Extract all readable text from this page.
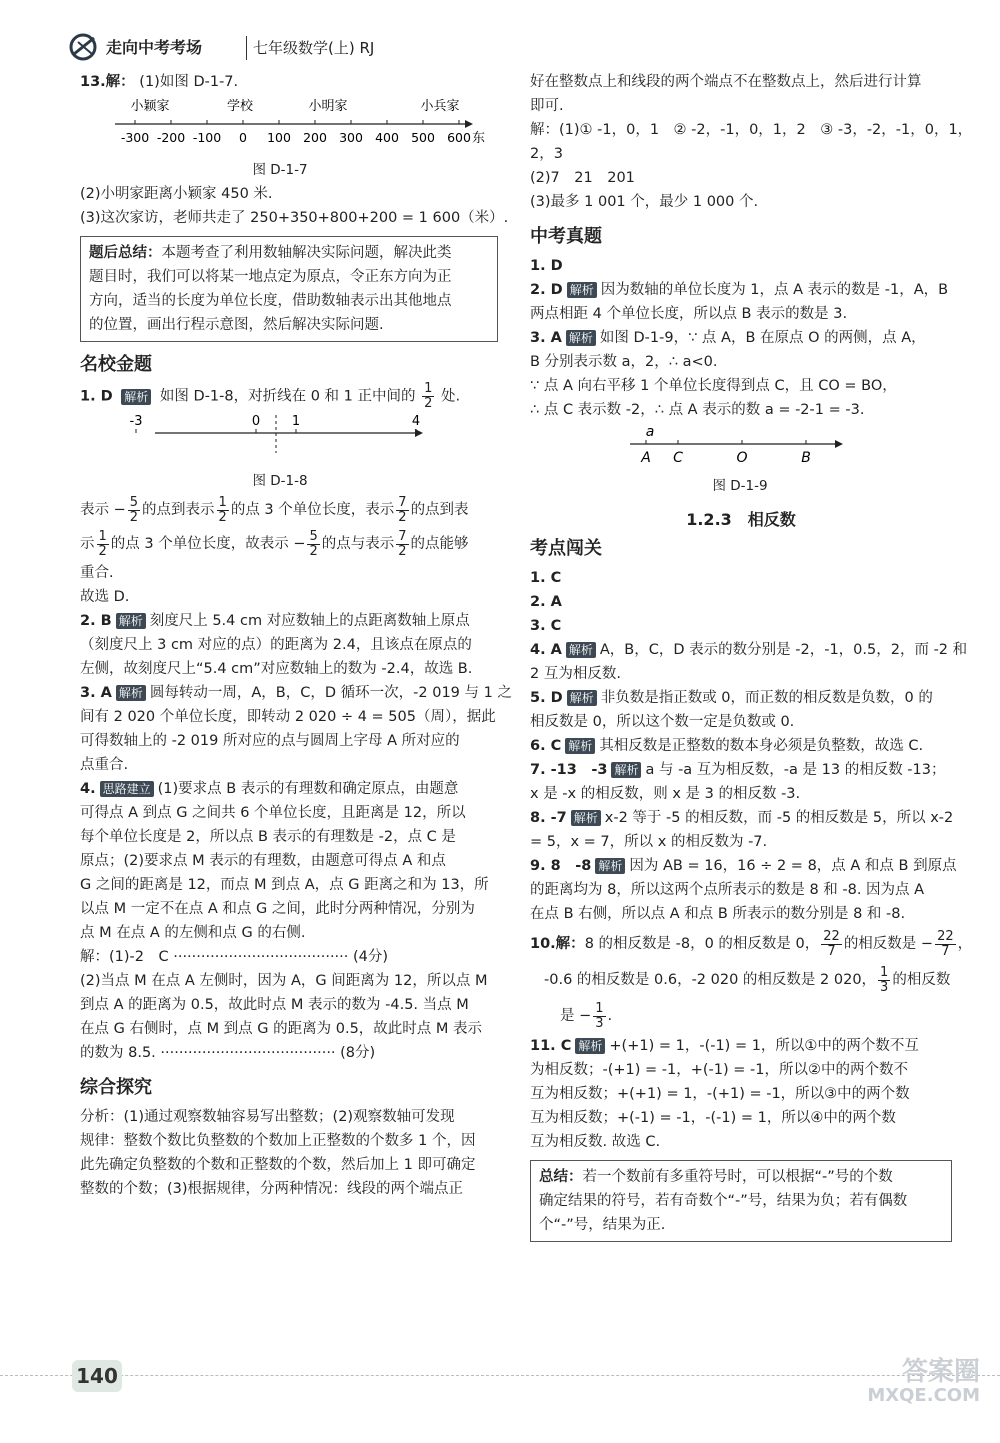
走向中考考场	七年级数学(上) RJ
13.解： (1)如图 D-1-7.
小颖家	学校	小明家	小兵家
-300 -200 -100 0 100 200 300 400 500 600 东
图 D-1-7
(2)小明家距离小颖家 450 米.
(3)这次家访，老师共走了 250+350+800+200 = 1 600（米）.
题后总结：本题考查了利用数轴解决实际问题，解决此类
题目时，我们可以将某一地点定为原点，令正东方向为正
方向，适当的长度为单位长度，借助数轴表示出其他地点
的位置，画出行程示意图，然后解决实际问题.
名校金题
1. D 解析 如图 D-1-8，对折线在 0 和 1 正中间的 $\frac{1}{2}$ 处.
-3	0 1	4
图 D-1-8
表示 − $\frac{5}{2}$ 的点到表示 $\frac{1}{2}$ 的点 3 个单位长度，表示 $\frac{7}{2}$ 的点到表
示 $\frac{1}{2}$ 的点 3 个单位长度，故表示 − $\frac{5}{2}$ 的点与表示 $\frac{7}{2}$ 的点能够
重合.
故选 D.
2. B 解析 刻度尺上 5.4 cm 对应数轴上的点距离数轴上原点
（刻度尺上 3 cm 对应的点）的距离为 2.4，且该点在原点的
左侧，故刻度尺上“5.4 cm”对应数轴上的数为 -2.4，故选 B.
3. A 解析 圆每转动一周，A，B，C，D 循环一次，-2 019 与 1 之
间有 2 020 个单位长度，即转动 2 020 ÷ 4 = 505（周），据此
可得数轴上的 -2 019 所对应的点与圆周上字母 A 所对应的
点重合.
4. 思路建立 (1)要求点 B 表示的有理数和确定原点，由题意
可得点 A 到点 G 之间共 6 个单位长度，且距离是 12，所以
每个单位长度是 2，所以点 B 表示的有理数是 -2，点 C 是
原点；(2)要求点 M 表示的有理数，由题意可得点 A 和点
G 之间的距离是 12，而点 M 到点 A，点 G 距离之和为 13，所
以点 M 一定不在点 A 和点 G 之间，此时分两种情况，分别为
点 M 在点 A 的左侧和点 G 的右侧.
解：(1)-2　C ······································ (4分)
(2)当点 M 在点 A 左侧时，因为 A，G 间距离为 12，所以点 M
到点 A 的距离为 0.5，故此时点 M 表示的数为 -4.5. 当点 M
在点 G 右侧时，点 M 到点 G 的距离为 0.5，故此时点 M 表示
的数为 8.5. ······································ (8分)
综合探究
分析：(1)通过观察数轴容易写出整数；(2)观察数轴可发现
规律：整数个数比负整数的个数加上正整数的个数多 1 个，因
此先确定负整数的个数和正整数的个数，然后加上 1 即可确定
整数的个数；(3)根据规律，分两种情况：线段的两个端点正
好在整数点上和线段的两个端点不在整数点上，然后进行计算
即可.
解：(1)① -1，0，1　② -2，-1，0，1，2　③ -3，-2，-1，0，1，
2，3
(2)7　21　201
(3)最多 1 001 个，最少 1 000 个.
中考真题
1. D
2. D 解析 因为数轴的单位长度为 1，点 A 表示的数是 -1，A，B
两点相距 4 个单位长度，所以点 B 表示的数是 3.
3. A 解析 如图 D-1-9，∵ 点 A，B 在原点 O 的两侧，点 A，
B 分别表示数 a，2，∴ a<0.
∵ 点 A 向右平移 1 个单位长度得到点 C，且 CO = BO，
∴ 点 C 表示数 -2，∴ 点 A 表示的数 a = -2-1 = -3.
a
A C	O	B
图 D-1-9
1.2.3　相反数
考点闯关
1. C
2. A
3. C
4. A 解析 A，B，C，D 表示的数分别是 -2，-1，0.5，2，而 -2 和
2 互为相反数.
5. D 解析 非负数是指正数或 0，而正数的相反数是负数，0 的
相反数是 0，所以这个数一定是负数或 0.
6. C 解析 其相反数是正整数的数本身必须是负整数，故选 C.
7. -13　-3 解析 a 与 -a 互为相反数，-a 是 13 的相反数 -13；
x 是 -x 的相反数，则 x 是 3 的相反数 -3.
8. -7 解析 x-2 等于 -5 的相反数，而 -5 的相反数是 5，所以 x-2
= 5，x = 7，所以 x 的相反数为 -7.
9. 8　-8 解析 因为 AB = 16，16 ÷ 2 = 8，点 A 和点 B 到原点
的距离均为 8，所以这两个点所表示的数是 8 和 -8. 因为点 A
在点 B 右侧，所以点 A 和点 B 所表示的数分别是 8 和 -8.
10.解：8 的相反数是 -8，0 的相反数是 0， $\frac{22}{7}$ 的相反数是 − $\frac{22}{7}$ ，
-0.6 的相反数是 0.6，-2 020 的相反数是 2 020， $\frac{1}{3}$ 的相反数
是 − $\frac{1}{3}$ .
11. C 解析 +(+1) = 1，-(-1) = 1，所以①中的两个数不互
为相反数；-(+1) = -1，+(-1) = -1，所以②中的两个数不
互为相反数；+(+1) = 1，-(+1) = -1，所以③中的两个数
互为相反数；+(-1) = -1，-(-1) = 1，所以④中的两个数
互为相反数. 故选 C.
总结：若一个数前有多重符号时，可以根据“-”号的个数
确定结果的符号，若有奇数个“-”号，结果为负；若有偶数
个“-”号，结果为正.
140	答案圈
MXQE.COM
